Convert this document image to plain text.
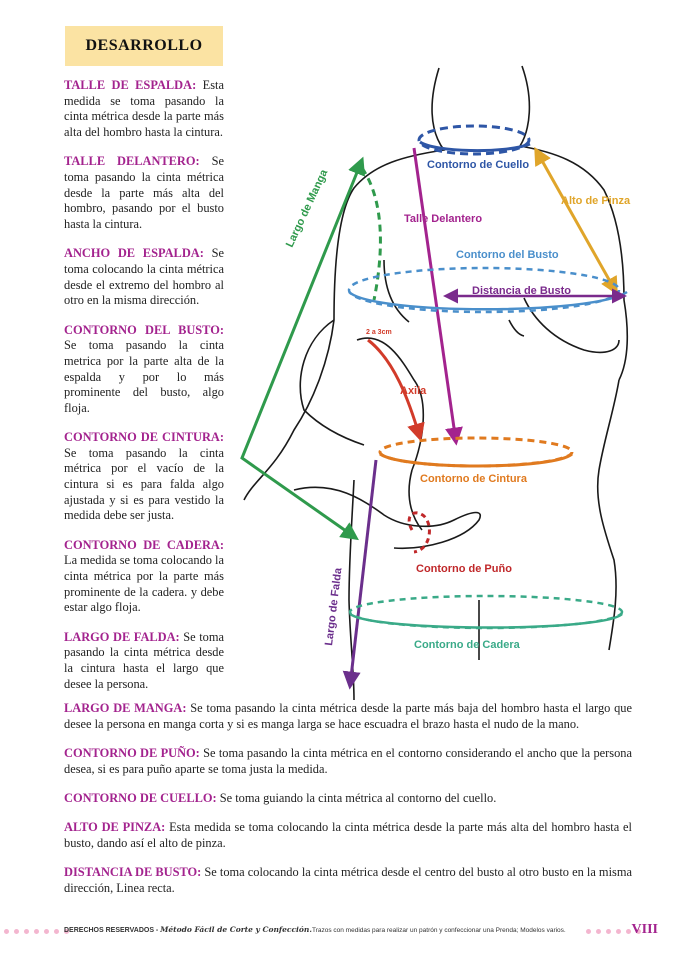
DESARROLLO

TALLE DE ESPALDA: Esta medida se toma pasando la cinta métrica desde la parte más alta del hombro hasta la cintura.

TALLE DELANTERO: Se toma pasando la cinta métrica desde la parte más alta del hombro, pasando por el busto hasta la cintura.

ANCHO DE ESPALDA: Se toma colocando la cinta métrica desde el extremo del hombro al otro en la misma dirección.

CONTORNO DEL BUSTO: Se toma pasando la cinta metrica por la parte alta de la espalda y por lo más prominente del busto, algo floja.

CONTORNO DE CINTURA: Se toma pasando la cinta métrica por el vacío de la cintura si es para falda algo ajustada y si es para vestido la medida debe ser justa.

CONTORNO DE CADERA: La medida se toma colocando la cinta métrica por la parte más prominente de la cadera. y debe estar algo floja.

LARGO DE FALDA: Se toma pasando la cinta métrica desde la cintura hasta el largo que desee la persona.

LARGO DE MANGA: Se toma pasando la cinta métrica desde la parte más baja del hombro hasta el largo que desee la persona en manga corta y si es manga larga se hace escuadra el brazo hasta el nudo de la mano.

CONTORNO DE PUÑO: Se toma pasando la cinta métrica en el contorno considerando el ancho que la persona desea, si es para puño aparte se toma justa la medida.

CONTORNO DE CUELLO: Se toma guiando la cinta métrica al contorno del cuello.

ALTO DE PINZA: Esta medida se toma colocando la cinta métrica desde la parte más alta del hombro hasta el busto, dando así el alto de pinza.

DISTANCIA DE BUSTO: Se toma colocando la cinta métrica desde el centro del busto al otro busto en la misma dirección, Linea recta.

Contorno de Cuello
Alto de Pinza
Largo de Manga	Talle Delantero
Contorno del Busto
Distancia de Busto
2 a 3cm
Axila
Contorno de Cintura
Contorno de Puño
Largo de Falda	Contorno de Cadera
DERECHOS RESERVADOS - Método Fácil de Corte y Confección.Trazos con medidas para realizar un patrón y confeccionar una Prenda; Modelos varios.	VIII
